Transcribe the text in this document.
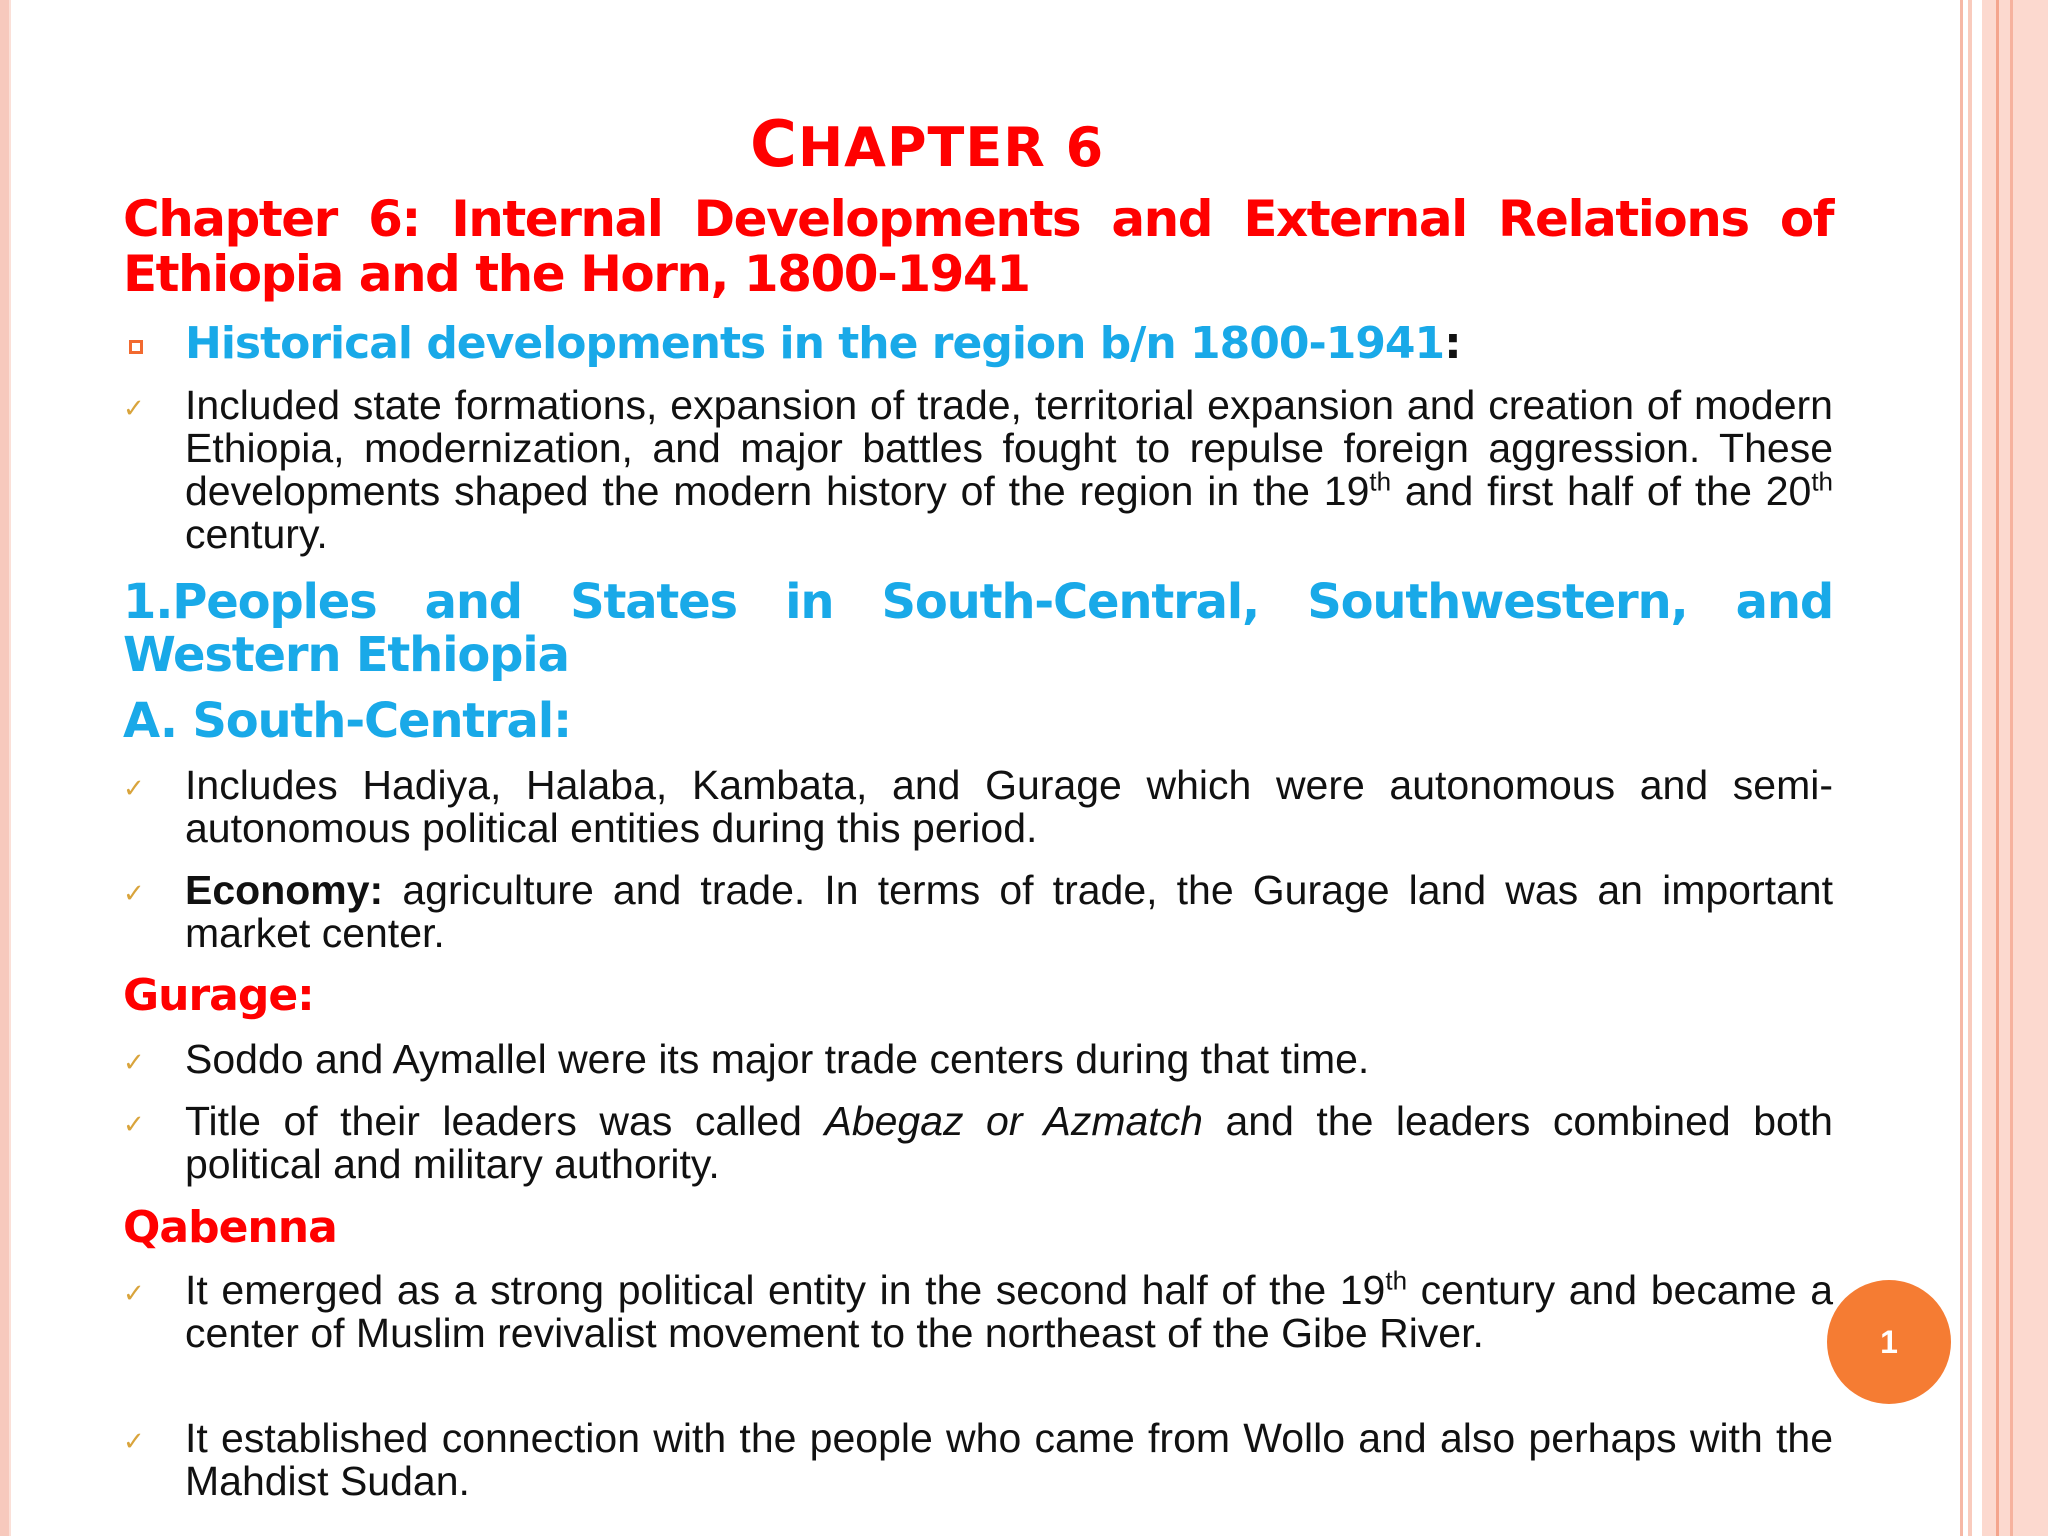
CHAPTER 6
Chapter 6: Internal Developments and External Relations of Ethiopia and the Horn, 1800-1941
Historical developments in the region b/n 1800-1941:
✓ Included state formations, expansion of trade, territorial expansion and creation of modern Ethiopia, modernization, and major battles fought to repulse foreign aggression. These developments shaped the modern history of the region in the 19th and first half of the 20th century.
1.Peoples and States in South-Central, Southwestern, and Western Ethiopia
A. South-Central:
✓ Includes Hadiya, Halaba, Kambata, and Gurage which were autonomous and semi-autonomous political entities during this period.
✓ Economy: agriculture and trade. In terms of trade, the Gurage land was an important market center.
Gurage:
✓ Soddo and Aymallel were its major trade centers during that time.
✓ Title of their leaders was called Abegaz or Azmatch and the leaders combined both political and military authority.
Qabenna
✓ It emerged as a strong political entity in the second half of the 19th century and became a center of Muslim revivalist movement to the northeast of the Gibe River.
✓ It established connection with the people who came from Wollo and also perhaps with the Mahdist Sudan.
1
